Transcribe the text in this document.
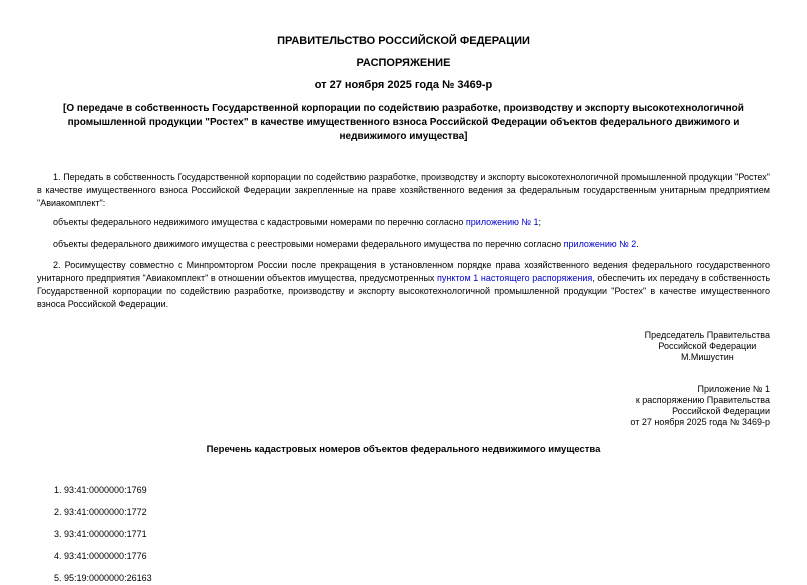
ПРАВИТЕЛЬСТВО РОССИЙСКОЙ ФЕДЕРАЦИИ
РАСПОРЯЖЕНИЕ
от 27 ноября 2025 года № 3469-р
[О передаче в собственность Государственной корпорации по содействию разработке, производству и экспорту высокотехнологичной промышленной продукции "Ростех" в качестве имущественного взноса Российской Федерации объектов федерального движимого и недвижимого имущества]
1. Передать в собственность Государственной корпорации по содействию разработке, производству и экспорту высокотехнологичной промышленной продукции "Ростех" в качестве имущественного взноса Российской Федерации закрепленные на праве хозяйственного ведения за федеральным государственным унитарным предприятием "Авиакомплект":
объекты федерального недвижимого имущества с кадастровыми номерами по перечню согласно приложению № 1;
объекты федерального движимого имущества с реестровыми номерами федерального имущества по перечню согласно приложению № 2.
2. Росимуществу совместно с Минпромторгом России после прекращения в установленном порядке права хозяйственного ведения федерального государственного унитарного предприятия "Авиакомплект" в отношении объектов имущества, предусмотренных пунктом 1 настоящего распоряжения, обеспечить их передачу в собственность Государственной корпорации по содействию разработке, производству и экспорту высокотехнологичной промышленной продукции "Ростех" в качестве имущественного взноса Российской Федерации.
Председатель Правительства
Российской Федерации
М.Мишустин
Приложение № 1
к распоряжению Правительства
Российской Федерации
от 27 ноября 2025 года № 3469-р
Перечень кадастровых номеров объектов федерального недвижимого имущества
1. 93:41:0000000:1769
2. 93:41:0000000:1772
3. 93:41:0000000:1771
4. 93:41:0000000:1776
5. 95:19:0000000:26163
